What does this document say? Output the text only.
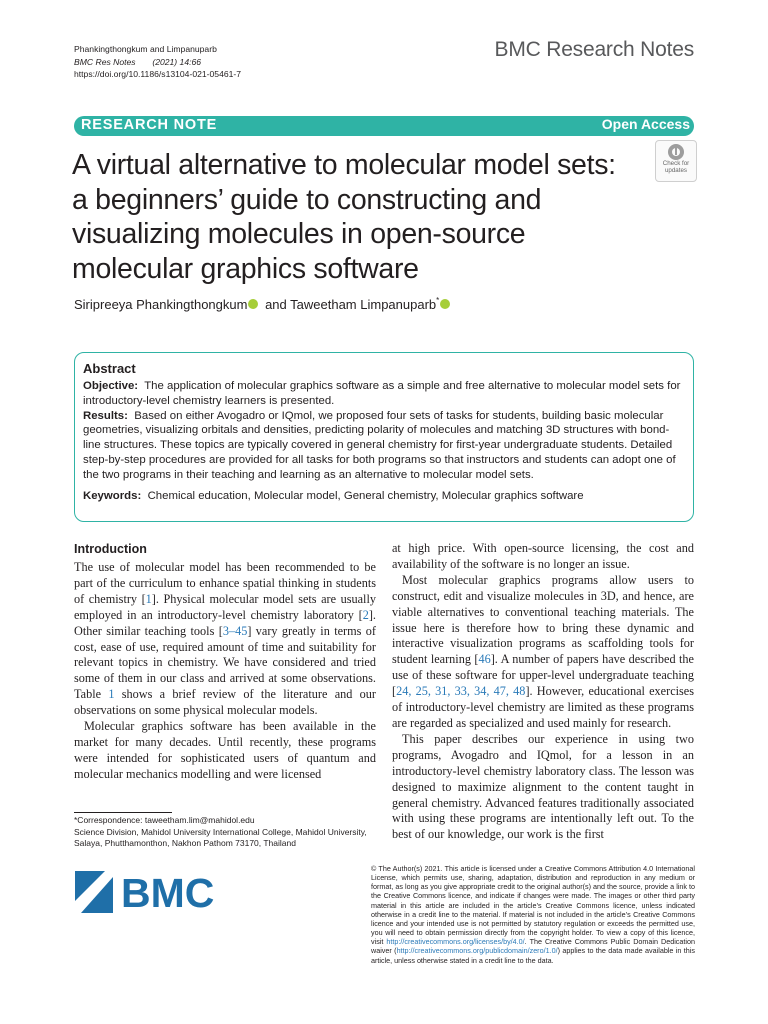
Phankingthongkum and Limpanuparb
BMC Res Notes (2021) 14:66
https://doi.org/10.1186/s13104-021-05461-7
BMC Research Notes
RESEARCH NOTE	Open Access
A virtual alternative to molecular model sets: a beginners’ guide to constructing and visualizing molecules in open-source molecular graphics software
Check for
updates
Siripreeya Phankingthongkum and Taweetham Limpanuparb*
Abstract

Objective: The application of molecular graphics software as a simple and free alternative to molecular model sets for introductory-level chemistry learners is presented.

Results: Based on either Avogadro or IQmol, we proposed four sets of tasks for students, building basic molecular geometries, visualizing orbitals and densities, predicting polarity of molecules and matching 3D structures with bond-line structures. These topics are typically covered in general chemistry for first-year undergraduate students. Detailed step-by-step procedures are provided for all tasks for both programs so that instructors and students can adopt one of the two programs in their teaching and learning as an alternative to molecular model sets.

Keywords: Chemical education, Molecular model, General chemistry, Molecular graphics software

Introduction

The use of molecular model has been recommended to be part of the curriculum to enhance spatial thinking in students of chemistry [1]. Physical molecular model sets are usually employed in an introductory-level chemistry laboratory [2]. Other similar teaching tools [3–45] vary greatly in terms of cost, ease of use, required amount of time and suitability for relevant topics in chemistry. We have considered and tried some of them in our class and arrived at some observations. Table 1 shows a brief review of the literature and our observations on some physical molecular models.

Molecular graphics software has been available in the market for many decades. Until recently, these programs were intended for sophisticated users of quantum and molecular mechanics modelling and were licensed

at high price. With open-source licensing, the cost and availability of the software is no longer an issue.

Most molecular graphics programs allow users to construct, edit and visualize molecules in 3D, and hence, are viable alternatives to conventional teaching materials. The issue here is therefore how to bring these dynamic and interactive visualization programs as scaffolding tools for student learning [46]. A number of papers have described the use of these software for upper-level undergraduate teaching [24, 25, 31, 33, 34, 47, 48]. However, educational exercises of introductory-level chemistry are limited as these programs are regarded as specialized and used mainly for research.

This paper describes our experience in using two programs, Avogadro and IQmol, for a lesson in an introductory-level chemistry laboratory class. The lesson was designed to maximize alignment to the content taught in general chemistry. Advanced features traditionally associated with using these programs are intentionally left out. To the best of our knowledge, our work is the first

*Correspondence: taweetham.lim@mahidol.edu
Science Division, Mahidol University International College, Mahidol University, Salaya, Phutthamonthon, Nakhon Pathom 73170, Thailand
BMC
© The Author(s) 2021. This article is licensed under a Creative Commons Attribution 4.0 International License, which permits use, sharing, adaptation, distribution and reproduction in any medium or format, as long as you give appropriate credit to the original author(s) and the source, provide a link to the Creative Commons licence, and indicate if changes were made. The images or other third party material in this article are included in the article’s Creative Commons licence, unless indicated otherwise in a credit line to the material. If material is not included in the article’s Creative Commons licence and your intended use is not permitted by statutory regulation or exceeds the permitted use, you will need to obtain permission directly from the copyright holder. To view a copy of this licence, visit http://creativecommons.org/licenses/by/4.0/. The Creative Commons Public Domain Dedication waiver (http://creativecommons.org/publicdomain/zero/1.0/) applies to the data made available in this article, unless otherwise stated in a credit line to the data.
